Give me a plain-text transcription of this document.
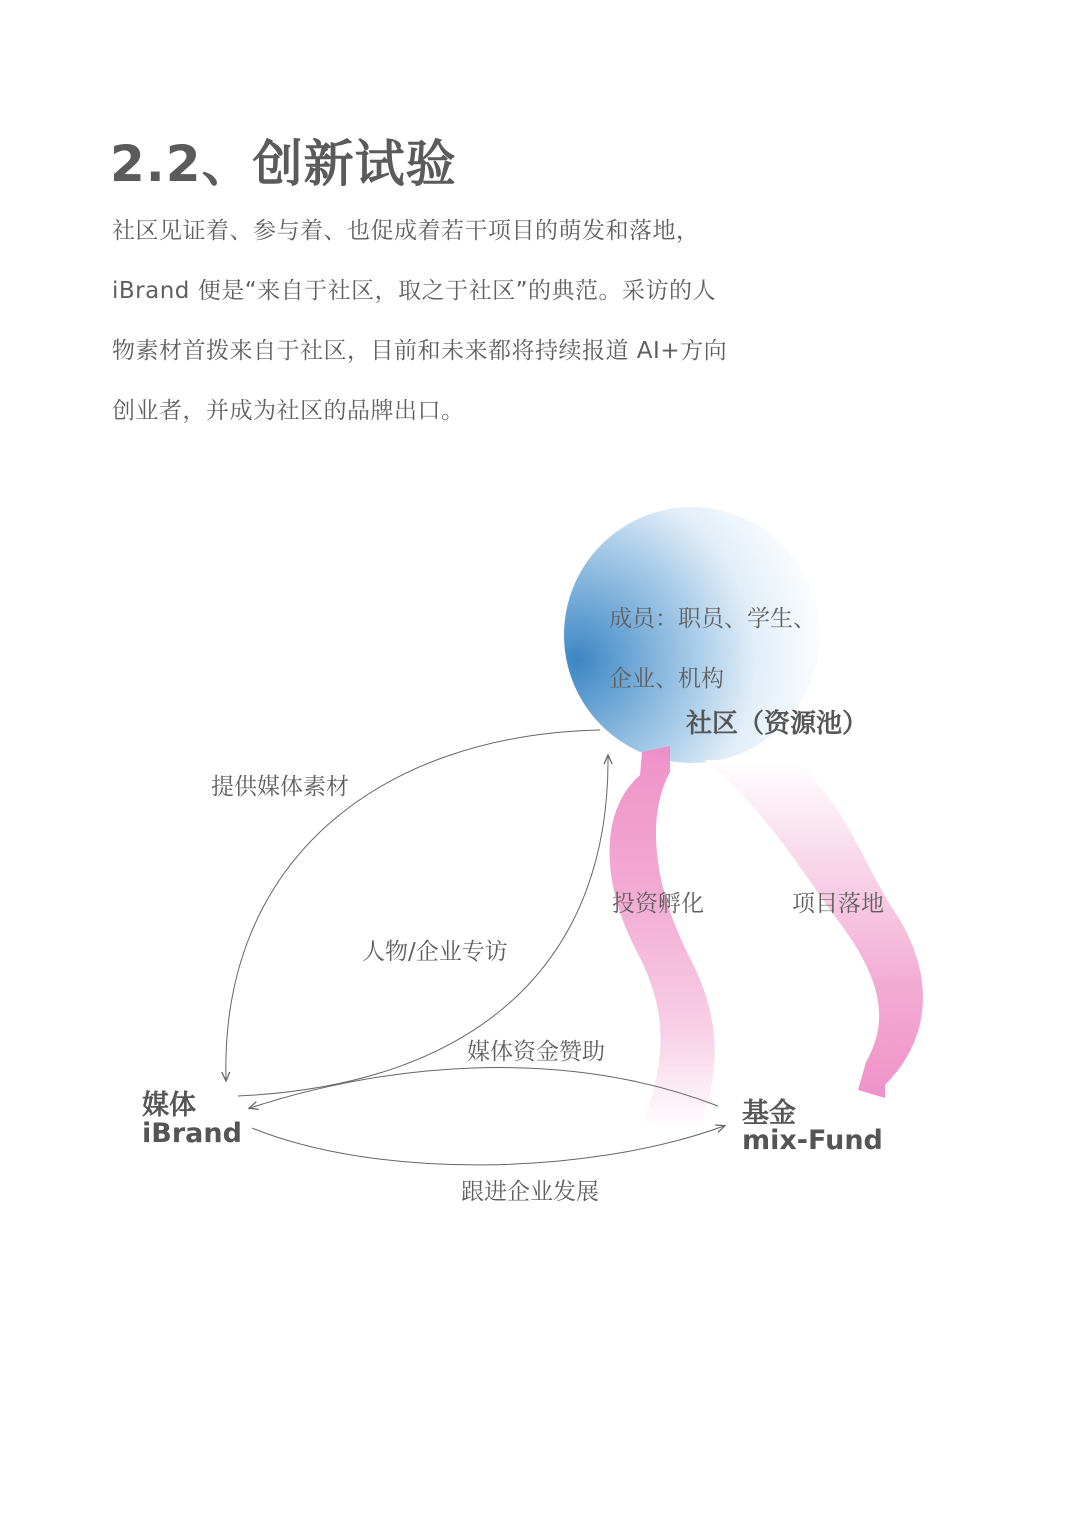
2.2、创新试验
社区见证着、参与着、也促成着若干项目的萌发和落地，
iBrand 便是“来自于社区，取之于社区”的典范。采访的人
物素材首拨来自于社区，目前和未来都将持续报道 AI+方向
创业者，并成为社区的品牌出口。
成员：职员、学生、
企业、机构
社区（资源池）
媒体
iBrand
基金
mix-Fund
提供媒体素材
人物/企业专访
媒体资金赞助
跟进企业发展
投资孵化	项目落地
